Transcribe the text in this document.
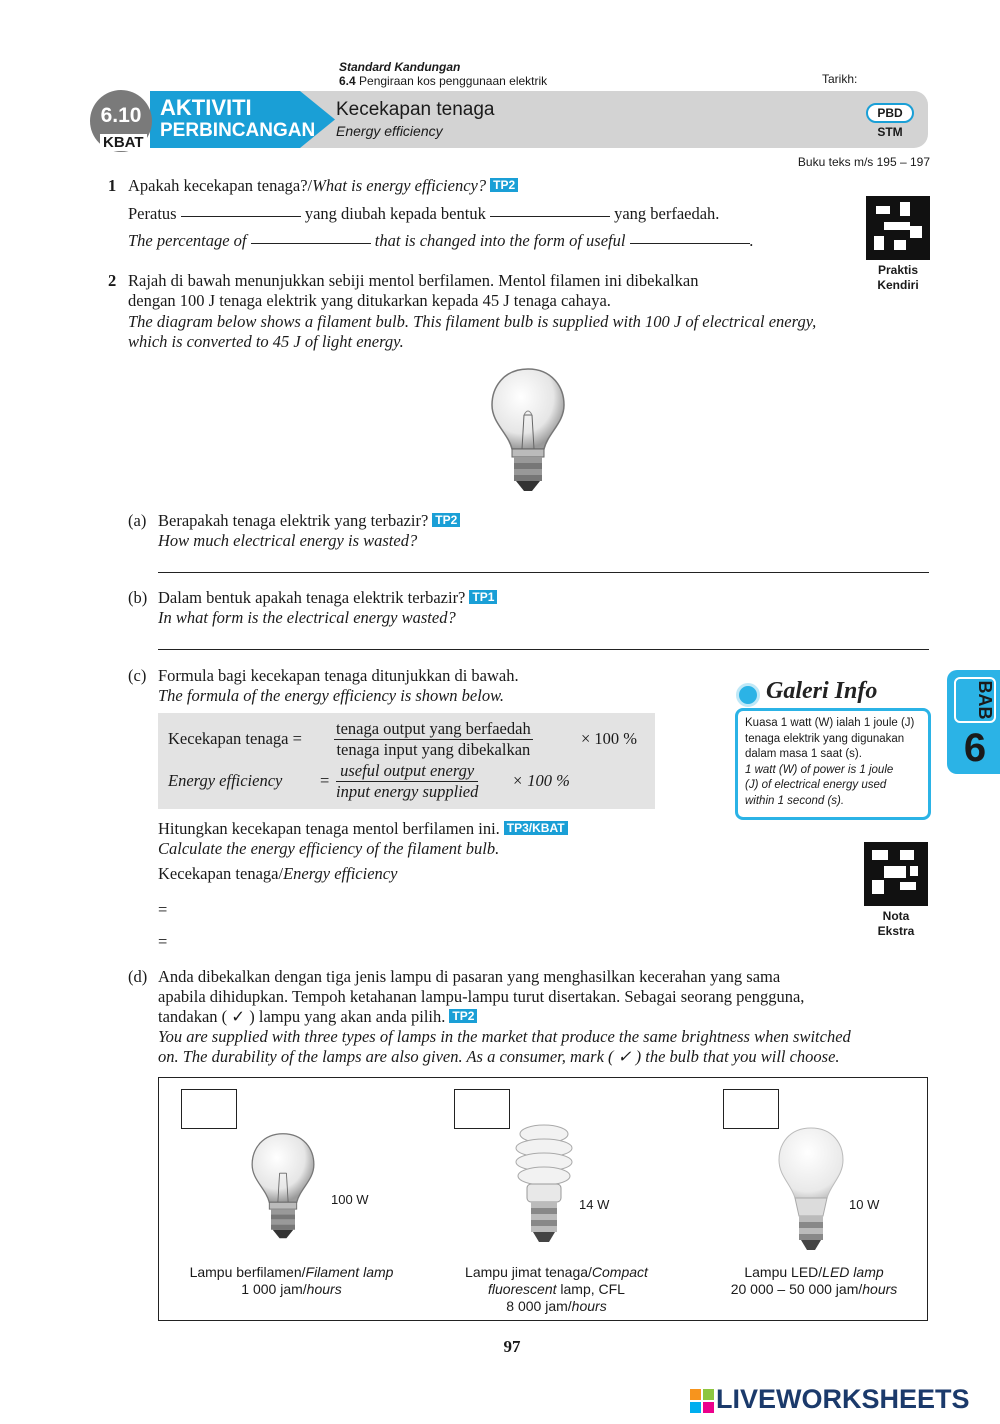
Standard Kandungan
6.4 Pengiraan kos penggunaan elektrik	Tarikh:
AKTIVITI
PERBINCANGAN
6.10
KBAT
Kecekapan tenaga
Energy efficiency
PBD
STM
Buku teks m/s 195 – 197
1 Apakah kecekapan tenaga?/What is energy efficiency? TP2
Peratus	yang diubah kepada bentuk	yang berfaedah.
The percentage of	that is changed into the form of useful	.
Praktis
Kendiri
2 Rajah di bawah menunjukkan sebiji mentol berfilamen. Mentol filamen ini dibekalkan
dengan 100 J tenaga elektrik yang ditukarkan kepada 45 J tenaga cahaya.
The diagram below shows a filament bulb. This filament bulb is supplied with 100 J of electrical energy,
which is converted to 45 J of light energy.
(a) Berapakah tenaga elektrik yang terbazir? TP2
How much electrical energy is wasted?
(b) Dalam bentuk apakah tenaga elektrik terbazir? TP1
In what form is the electrical energy wasted?
(c) Formula bagi kecekapan tenaga ditunjukkan di bawah.
The formula of the energy efficiency is shown below.
Kecekapan tenaga =
tenaga output yang berfaedah
tenaga input yang dibekalkan
× 100 %
Energy efficiency =
useful output energy
input energy supplied
× 100 %
Hitungkan kecekapan tenaga mentol berfilamen ini. TP3/KBAT
Calculate the energy efficiency of the filament bulb.
Kecekapan tenaga/Energy efficiency
=
=
Galeri Info
Kuasa 1 watt (W) ialah 1 joule (J)
tenaga elektrik yang digunakan
dalam masa 1 saat (s).
1 watt (W) of power is 1 joule
(J) of electrical energy used
within 1 second (s).
BAB
6
Nota
Ekstra
(d) Anda dibekalkan dengan tiga jenis lampu di pasaran yang menghasilkan kecerahan yang sama
apabila dihidupkan. Tempoh ketahanan lampu-lampu turut disertakan. Sebagai seorang pengguna,
tandakan ( ✓ ) lampu yang akan anda pilih. TP2
You are supplied with three types of lamps in the market that produce the same brightness when switched
on. The durability of the lamps are also given. As a consumer, mark ( ✓ ) the bulb that you will choose.
100 W	14 W	10 W
Lampu berfilamen/Filament lamp
1 000 jam/hours
Lampu jimat tenaga/Compact
fluorescent lamp, CFL
8 000 jam/hours
Lampu LED/LED lamp
20 000 – 50 000 jam/hours
97
LIVEWORKSHEETS
